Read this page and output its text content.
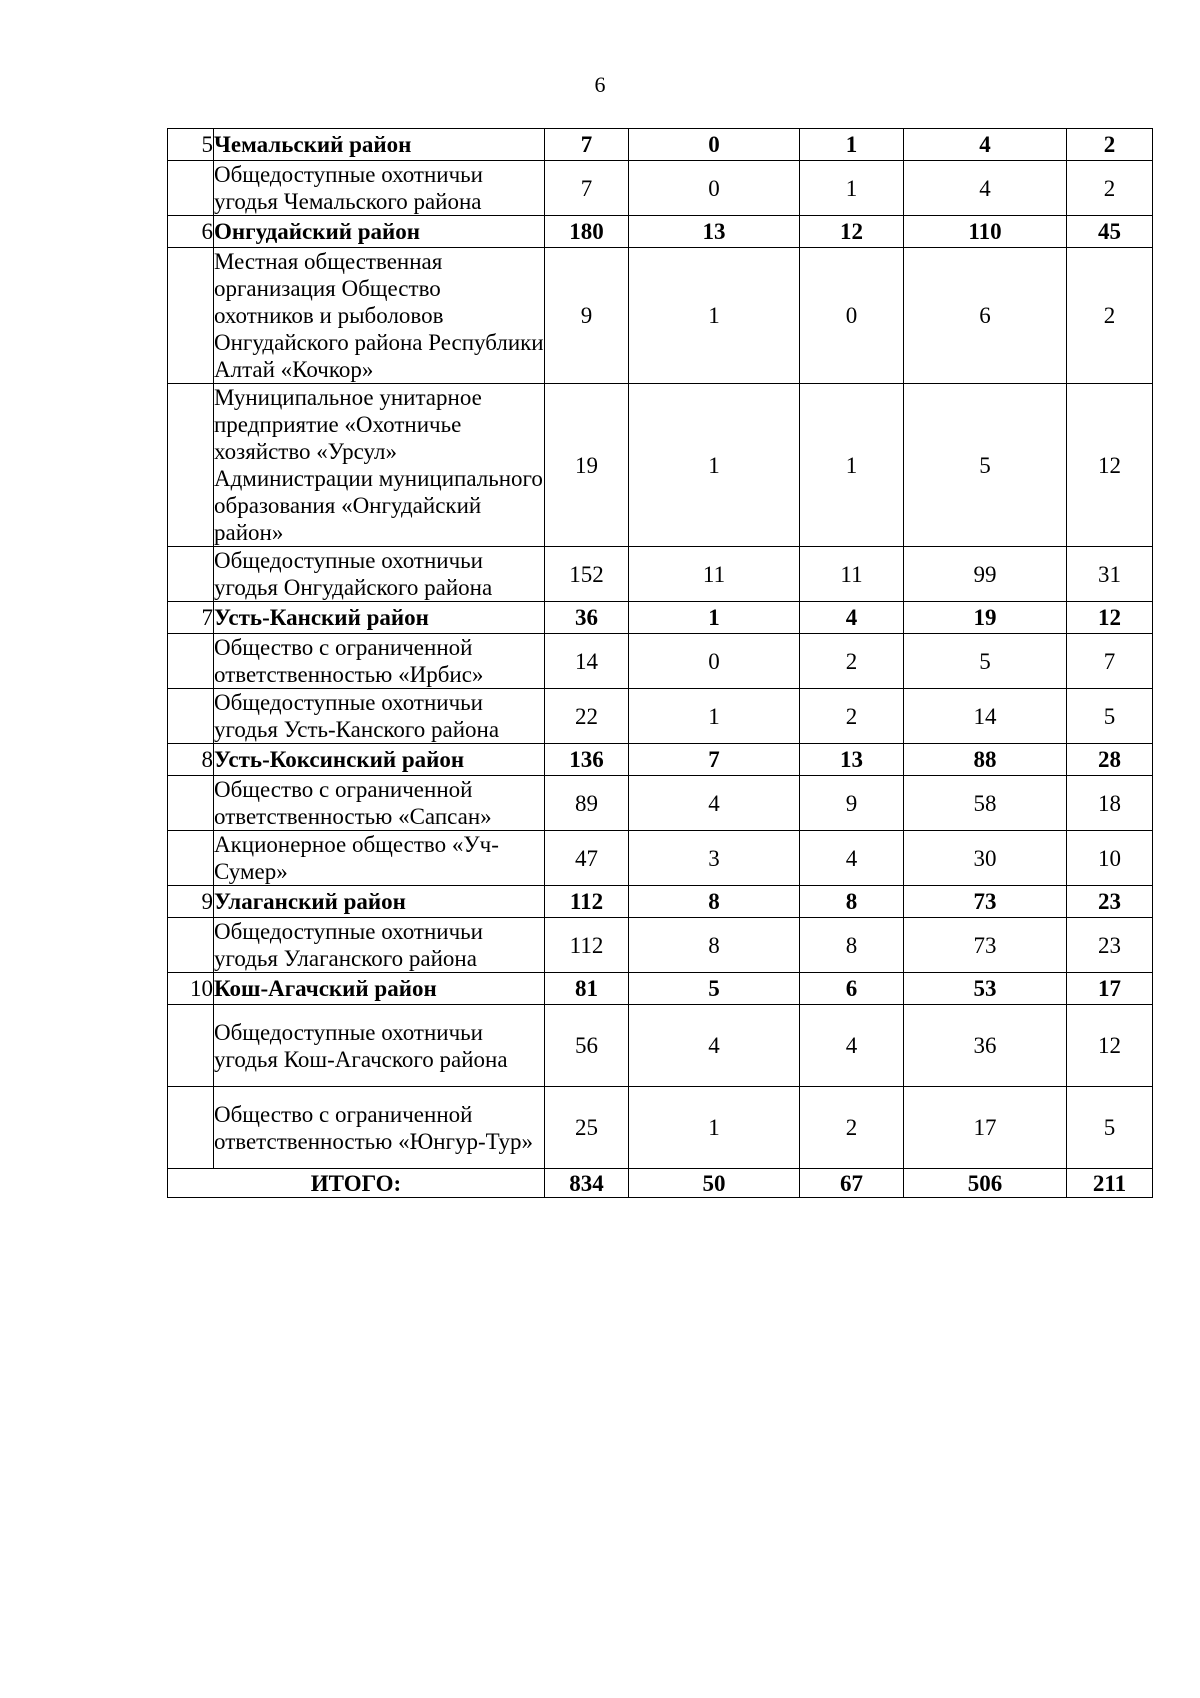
6
5	Чемальский район	7	0	1	4	2
	Общедоступные охотничьи угодья Чемальского района	7	0	1	4	2
6	Онгудайский район	180	13	12	110	45
	Местная общественная организация Общество охотников и рыболовов Онгудайского района Республики Алтай «Кочкор»	9	1	0	6	2
	Муниципальное унитарное предприятие «Охотничье хозяйство «Урсул» Администрации муниципального образования «Онгудайский район»	19	1	1	5	12
	Общедоступные охотничьи угодья Онгудайского района	152	11	11	99	31
7	Усть-Канский район	36	1	4	19	12
	Общество с ограниченной ответственностью «Ирбис»	14	0	2	5	7
	Общедоступные охотничьи угодья Усть-Канского района	22	1	2	14	5
8	Усть-Коксинский район	136	7	13	88	28
	Общество с ограниченной ответственностью «Сапсан»	89	4	9	58	18
	Акционерное общество «Уч-Сумер»	47	3	4	30	10
9	Улаганский район	112	8	8	73	23
	Общедоступные охотничьи угодья Улаганского района	112	8	8	73	23
10	Кош-Агачский район	81	5	6	53	17
	Общедоступные охотничьи угодья Кош-Агачского района	56	4	4	36	12
	Общество с ограниченной ответственностью «Юнгур-Тур»	25	1	2	17	5
ИТОГО:		834	50	67	506	211
